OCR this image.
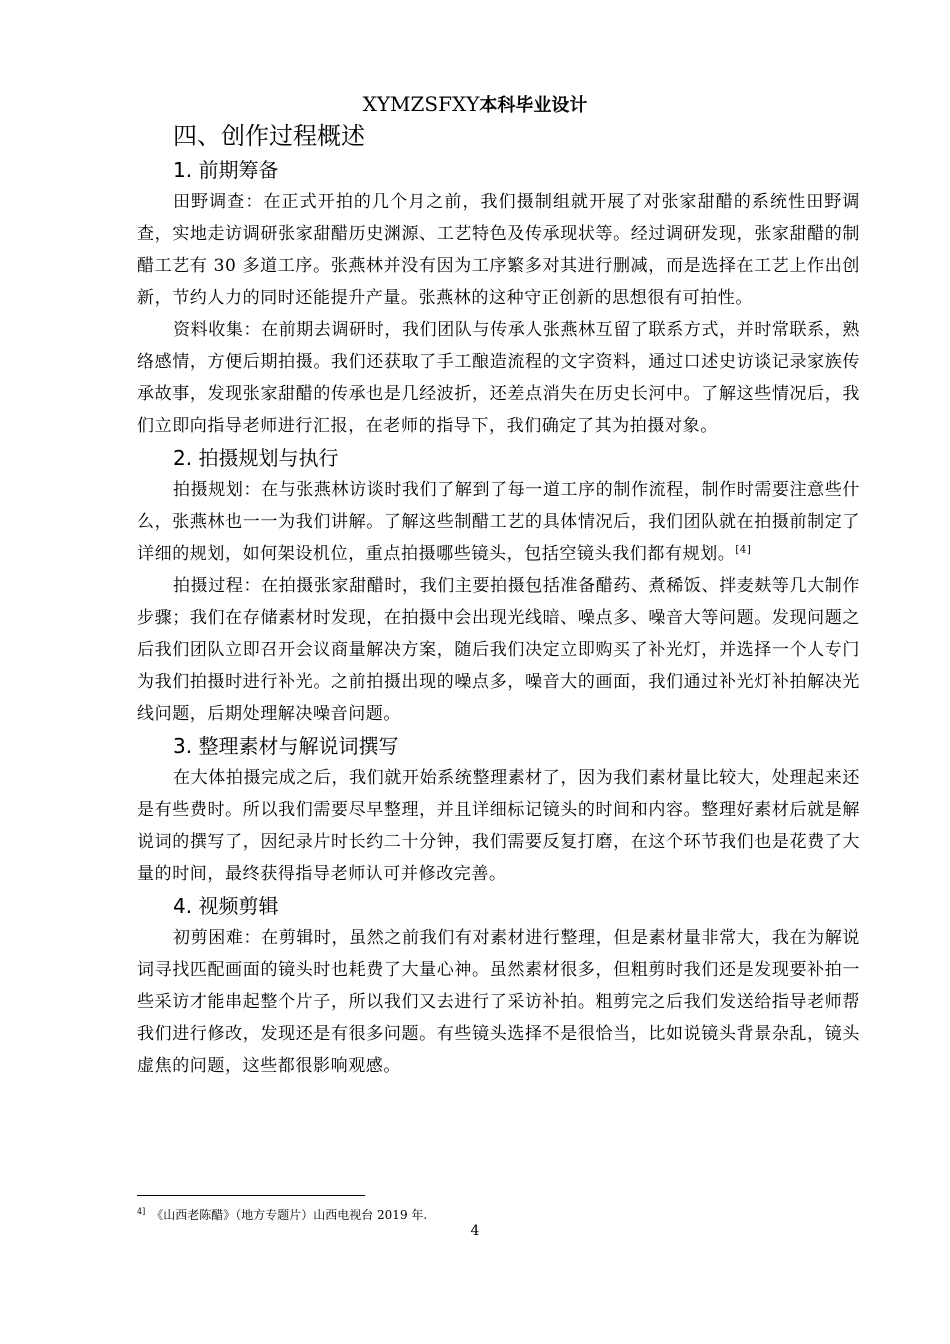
XYMZSFXY本科毕业设计
四、创作过程概述
1. 前期筹备

田野调查：在正式开拍的几个月之前，我们摄制组就开展了对张家甜醋的系统性田野调查，实地走访调研张家甜醋历史渊源、工艺特色及传承现状等。经过调研发现，张家甜醋的制醋工艺有 30 多道工序。张燕林并没有因为工序繁多对其进行删减，而是选择在工艺上作出创新，节约人力的同时还能提升产量。张燕林的这种守正创新的思想很有可拍性。

资料收集：在前期去调研时，我们团队与传承人张燕林互留了联系方式，并时常联系，熟络感情，方便后期拍摄。我们还获取了手工酿造流程的文字资料，通过口述史访谈记录家族传承故事，发现张家甜醋的传承也是几经波折，还差点消失在历史长河中。了解这些情况后，我们立即向指导老师进行汇报，在老师的指导下，我们确定了其为拍摄对象。

2. 拍摄规划与执行

拍摄规划：在与张燕林访谈时我们了解到了每一道工序的制作流程，制作时需要注意些什么，张燕林也一一为我们讲解。了解这些制醋工艺的具体情况后，我们团队就在拍摄前制定了详细的规划，如何架设机位，重点拍摄哪些镜头，包括空镜头我们都有规划。[4]

拍摄过程：在拍摄张家甜醋时，我们主要拍摄包括准备醋药、煮稀饭、拌麦麸等几大制作步骤；我们在存储素材时发现，在拍摄中会出现光线暗、噪点多、噪音大等问题。发现问题之后我们团队立即召开会议商量解决方案，随后我们决定立即购买了补光灯，并选择一个人专门为我们拍摄时进行补光。之前拍摄出现的噪点多，噪音大的画面，我们通过补光灯补拍解决光线问题，后期处理解决噪音问题。

3. 整理素材与解说词撰写

在大体拍摄完成之后，我们就开始系统整理素材了，因为我们素材量比较大，处理起来还是有些费时。所以我们需要尽早整理，并且详细标记镜头的时间和内容。整理好素材后就是解说词的撰写了，因纪录片时长约二十分钟，我们需要反复打磨，在这个环节我们也是花费了大量的时间，最终获得指导老师认可并修改完善。

4. 视频剪辑

初剪困难：在剪辑时，虽然之前我们有对素材进行整理，但是素材量非常大，我在为解说词寻找匹配画面的镜头时也耗费了大量心神。虽然素材很多，但粗剪时我们还是发现要补拍一些采访才能串起整个片子，所以我们又去进行了采访补拍。粗剪完之后我们发送给指导老师帮我们进行修改，发现还是有很多问题。有些镜头选择不是很恰当，比如说镜头背景杂乱，镜头虚焦的问题，这些都很影响观感。

$^{4]}$ 《山西老陈醋》（地方专题片）山西电视台 2019 年.
4
